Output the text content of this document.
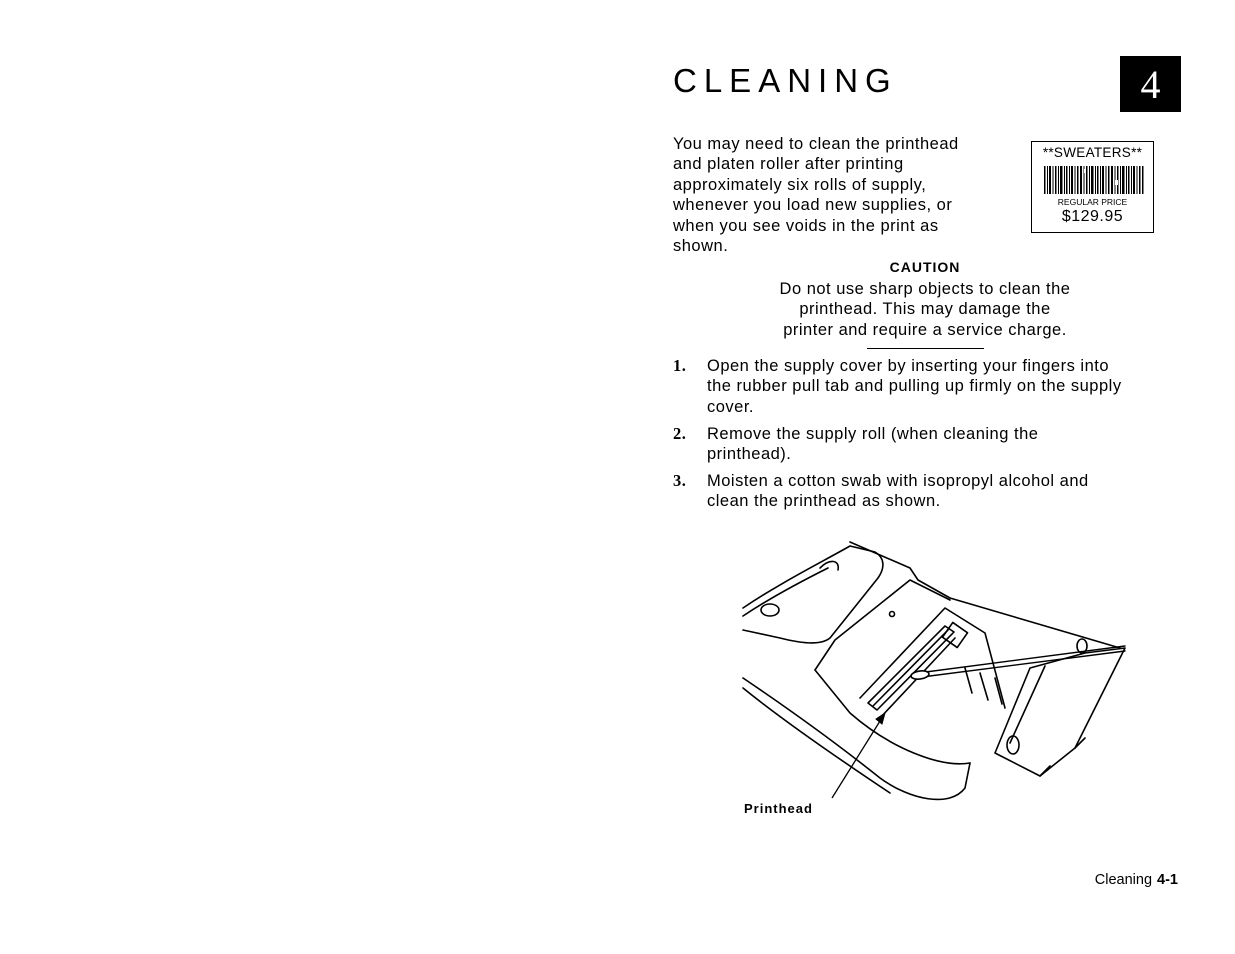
CLEANING	4
You may need to clean the printhead
and platen roller after printing
approximately six rolls of supply,
whenever you load new supplies, or
when you see voids in the print as
shown.
**SWEATERS**
REGULAR PRICE
$129.95
CAUTION
Do not use sharp objects to clean the
printhead. This may damage the
printer and require a service charge.
1. Open the supply cover by inserting your fingers into
the rubber pull tab and pulling up firmly on the supply
cover.
2. Remove the supply roll (when cleaning the
printhead).
3. Moisten a cotton swab with isopropyl alcohol and
clean the printhead as shown.
Printhead
Cleaning 4-1
